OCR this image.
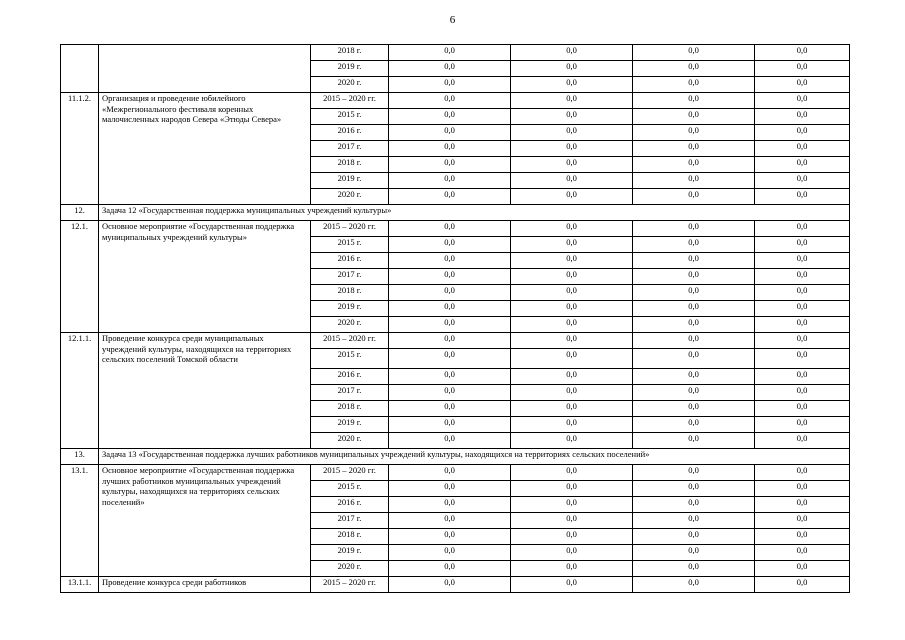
6
		2018 г.	0,0	0,0	0,0	0,0
		2019 г.	0,0	0,0	0,0	0,0
		2020 г.	0,0	0,0	0,0	0,0
11.1.2.	Организация и проведение юбилейного «Межрегионального фестиваля коренных малочисленных народов Севера «Этюды Севера»	2015 – 2020 гг.	0,0	0,0	0,0	0,0
		2015 г.	0,0	0,0	0,0	0,0
		2016 г.	0,0	0,0	0,0	0,0
		2017 г.	0,0	0,0	0,0	0,0
		2018 г.	0,0	0,0	0,0	0,0
		2019 г.	0,0	0,0	0,0	0,0
		2020 г.	0,0	0,0	0,0	0,0
12.	Задача 12 «Государственная поддержка муниципальных учреждений культуры»					
12.1.	Основное мероприятие «Государственная поддержка муниципальных учреждений культуры»	2015 – 2020 гг.	0,0	0,0	0,0	0,0
		2015 г.	0,0	0,0	0,0	0,0
		2016 г.	0,0	0,0	0,0	0,0
		2017 г.	0,0	0,0	0,0	0,0
		2018 г.	0,0	0,0	0,0	0,0
		2019 г.	0,0	0,0	0,0	0,0
		2020 г.	0,0	0,0	0,0	0,0
12.1.1.	Проведение конкурса среди муниципальных учреждений культуры, находящихся на территориях сельских поселений Томской области	2015 – 2020 гг.	0,0	0,0	0,0	0,0
		2015 г.	0,0	0,0	0,0	0,0
		2016 г.	0,0	0,0	0,0	0,0
		2017 г.	0,0	0,0	0,0	0,0
		2018 г.	0,0	0,0	0,0	0,0
		2019 г.	0,0	0,0	0,0	0,0
		2020 г.	0,0	0,0	0,0	0,0
13.	Задача 13 «Государственная поддержка лучших работников муниципальных учреждений культуры, находящихся на территориях сельских поселений»					
13.1.	Основное мероприятие «Государственная поддержка лучших работников муниципальных учреждений культуры, находящихся на территориях сельских поселений»	2015 – 2020 гг.	0,0	0,0	0,0	0,0
		2015 г.	0,0	0,0	0,0	0,0
		2016 г.	0,0	0,0	0,0	0,0
		2017 г.	0,0	0,0	0,0	0,0
		2018 г.	0,0	0,0	0,0	0,0
		2019 г.	0,0	0,0	0,0	0,0
		2020 г.	0,0	0,0	0,0	0,0
13.1.1.	Проведение конкурса среди работников	2015 – 2020 гг.	0,0	0,0	0,0	0,0
